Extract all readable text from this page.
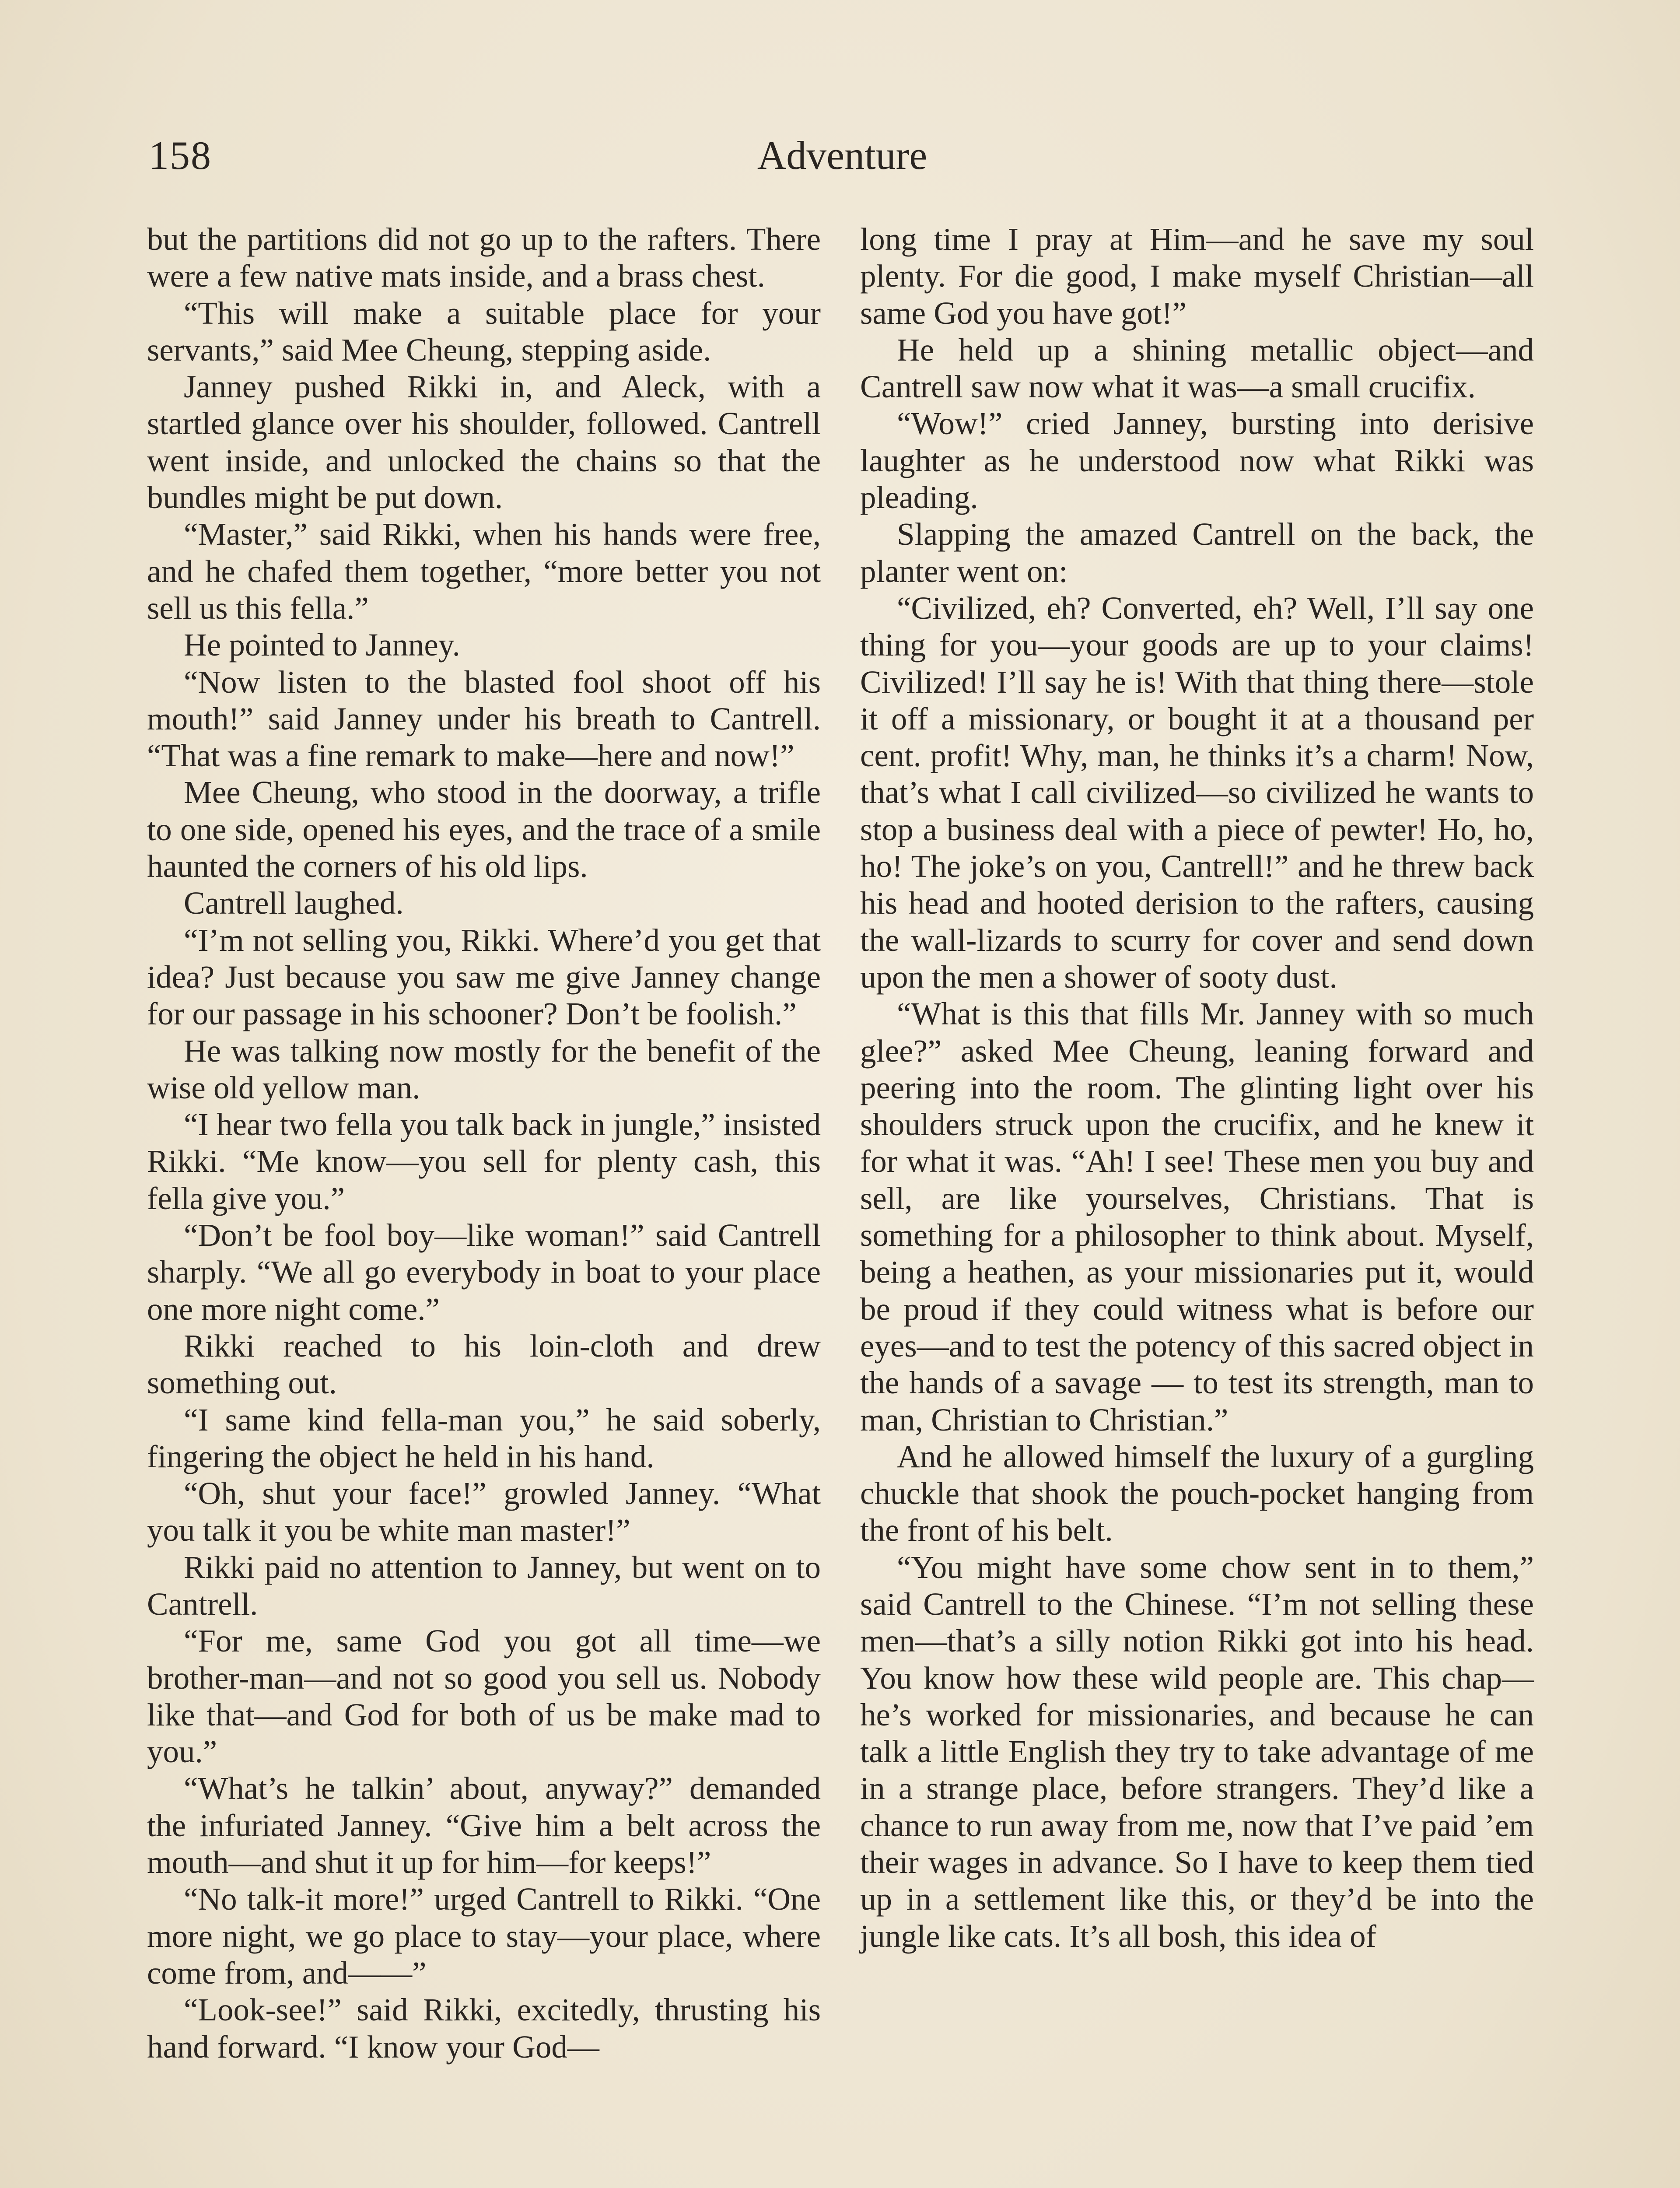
158	Adventure

but the partitions did not go up to the rafters. There were a few native mats inside, and a brass chest.

“This will make a suitable place for your servants,” said Mee Cheung, stepping aside.

Janney pushed Rikki in, and Aleck, with a startled glance over his shoulder, followed. Cantrell went inside, and unlocked the chains so that the bundles might be put down.

“Master,” said Rikki, when his hands were free, and he chafed them together, “more better you not sell us this fella.”

He pointed to Janney.

“Now listen to the blasted fool shoot off his mouth!” said Janney under his breath to Cantrell. “That was a fine remark to make—here and now!”

Mee Cheung, who stood in the doorway, a trifle to one side, opened his eyes, and the trace of a smile haunted the corners of his old lips.

Cantrell laughed.

“I’m not selling you, Rikki. Where’d you get that idea? Just because you saw me give Janney change for our passage in his schooner? Don’t be foolish.”

He was talking now mostly for the benefit of the wise old yellow man.

“I hear two fella you talk back in jungle,” insisted Rikki. “Me know—you sell for plenty cash, this fella give you.”

“Don’t be fool boy—like woman!” said Cantrell sharply. “We all go everybody in boat to your place one more night come.”

Rikki reached to his loin-cloth and drew something out.

“I same kind fella-man you,” he said soberly, fingering the object he held in his hand.

“Oh, shut your face!” growled Janney. “What you talk it you be white man master!”

Rikki paid no attention to Janney, but went on to Cantrell.

“For me, same God you got all time—we brother-man—and not so good you sell us. Nobody like that—and God for both of us be make mad to you.”

“What’s he talkin’ about, anyway?” demanded the infuriated Janney. “Give him a belt across the mouth—and shut it up for him—for keeps!”

“No talk-it more!” urged Cantrell to Rikki. “One more night, we go place to stay—your place, where come from, and——”

“Look-see!” said Rikki, excitedly, thrusting his hand forward. “I know your God—

long time I pray at Him—and he save my soul plenty. For die good, I make myself Christian—all same God you have got!”

He held up a shining metallic object—and Cantrell saw now what it was—a small crucifix.

“Wow!” cried Janney, bursting into derisive laughter as he understood now what Rikki was pleading.

Slapping the amazed Cantrell on the back, the planter went on:

“Civilized, eh? Converted, eh? Well, I’ll say one thing for you—your goods are up to your claims! Civilized! I’ll say he is! With that thing there—stole it off a missionary, or bought it at a thousand per cent. profit! Why, man, he thinks it’s a charm! Now, that’s what I call civilized—so civilized he wants to stop a business deal with a piece of pewter! Ho, ho, ho! The joke’s on you, Cantrell!” and he threw back his head and hooted derision to the rafters, causing the wall-lizards to scurry for cover and send down upon the men a shower of sooty dust.

“What is this that fills Mr. Janney with so much glee?” asked Mee Cheung, leaning forward and peering into the room. The glinting light over his shoulders struck upon the crucifix, and he knew it for what it was. “Ah! I see! These men you buy and sell, are like yourselves, Christians. That is something for a philosopher to think about. Myself, being a heathen, as your missionaries put it, would be proud if they could witness what is before our eyes—and to test the potency of this sacred object in the hands of a savage — to test its strength, man to man, Christian to Christian.”

And he allowed himself the luxury of a gurgling chuckle that shook the pouch-pocket hanging from the front of his belt.

“You might have some chow sent in to them,” said Cantrell to the Chinese. “I’m not selling these men—that’s a silly notion Rikki got into his head. You know how these wild people are. This chap—he’s worked for missionaries, and because he can talk a little English they try to take advantage of me in a strange place, before strangers. They’d like a chance to run away from me, now that I’ve paid ’em their wages in advance. So I have to keep them tied up in a settlement like this, or they’d be into the jungle like cats. It’s all bosh, this idea of
